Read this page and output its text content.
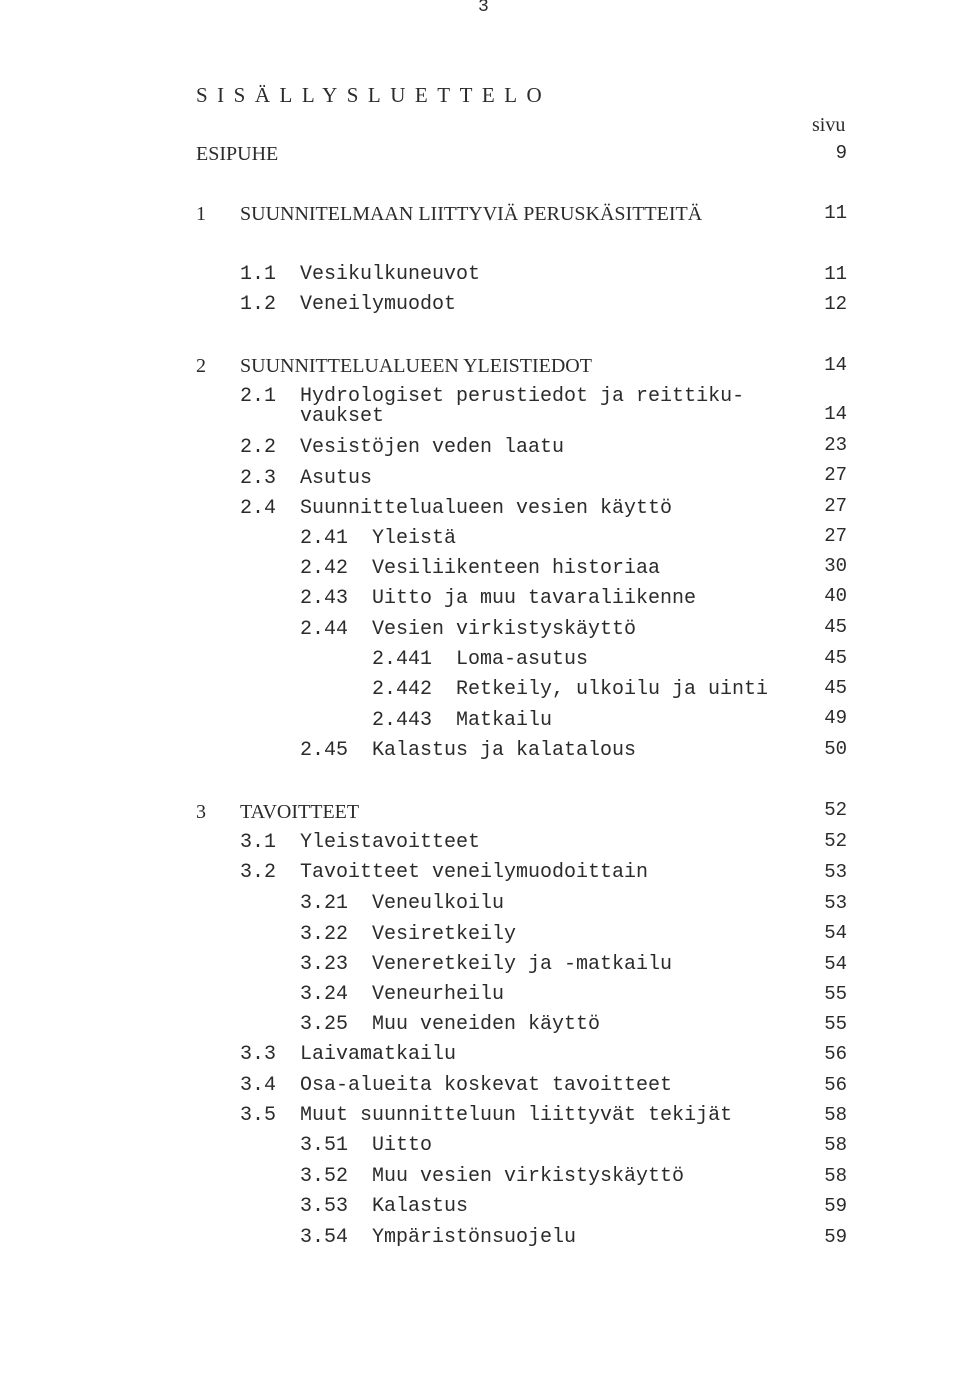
3
SISÄLLYSLUETTELO
sivu
ESIPUHE	9
1 SUUNNITELMAAN LIITTYVIÄ PERUSKÄSITTEITÄ	11
1.1 Vesikulkuneuvot	11
1.2 Veneilymuodot	12
2 SUUNNITTELUALUEEN YLEISTIEDOT	14
2.1 Hydrologiset perustiedot ja reittiku-
vaukset	14
2.2 Vesistöjen veden laatu	23
2.3 Asutus	27
2.4 Suunnittelualueen vesien käyttö	27
2.41 Yleistä	27
2.42 Vesiliikenteen historiaa	30
2.43 Uitto ja muu tavaraliikenne	40
2.44 Vesien virkistyskäyttö	45
2.441 Loma-asutus	45
2.442 Retkeily, ulkoilu ja uinti	45
2.443 Matkailu	49
2.45 Kalastus ja kalatalous	50
3 TAVOITTEET	52
3.1 Yleistavoitteet	52
3.2 Tavoitteet veneilymuodoittain	53
3.21 Veneulkoilu	53
3.22 Vesiretkeily	54
3.23 Veneretkeily ja -matkailu	54
3.24 Veneurheilu	55
3.25 Muu veneiden käyttö	55
3.3 Laivamatkailu	56
3.4 Osa-alueita koskevat tavoitteet	56
3.5 Muut suunnitteluun liittyvät tekijät	58
3.51 Uitto	58
3.52 Muu vesien virkistyskäyttö	58
3.53 Kalastus	59
3.54 Ympäristönsuojelu	59
